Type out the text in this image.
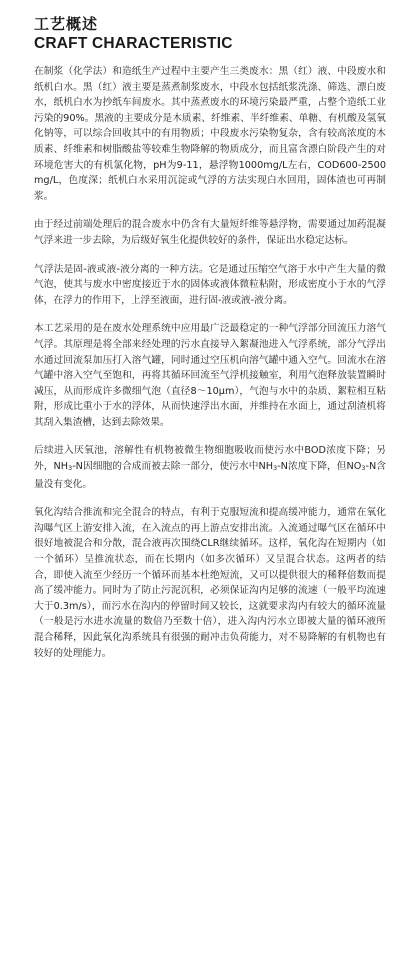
工艺概述
CRAFT CHARACTERISTIC

在制浆（化学法）和造纸生产过程中主要产生三类废水：黑（红）液、中段废水和纸机白水。黑（红）液主要是蒸煮制浆废水，中段水包括纸浆洗涤、筛选、漂白废水，纸机白水为抄纸车间废水。其中蒸煮废水的环境污染最严重，占整个造纸工业污染的90%。黑液的主要成分是木质素、纤维素、半纤维素、单糖、有机酸及氢氧化钠等，可以综合回收其中的有用物质；中段废水污染物复杂，含有较高浓度的木质素、纤维素和树脂酸盐等较难生物降解的物质成分，而且富含漂白阶段产生的对环境危害大的有机氯化物，pH为9-11，悬浮物1000mg/L左右，COD600-2500mg/L，色度深；纸机白水采用沉淀或气浮的方法实现白水回用，固体渣也可再制浆。

由于经过前端处理后的混合废水中仍含有大量短纤维等悬浮物，需要通过加药混凝气浮来进一步去除，为后级好氧生化提供较好的条件，保证出水稳定达标。

气浮法是固-液或液-液分离的一种方法。它是通过压缩空气溶于水中产生大量的微气泡，使其与废水中密度接近于水的固体或液体微粒粘附，形成密度小于水的气浮体，在浮力的作用下，上浮至液面，进行固-液或液-液分离。

本工艺采用的是在废水处理系统中应用最广泛最稳定的一种气浮部分回流压力溶气气浮。其原理是将全部来经处理的污水直接导入絮凝池进入气浮系统，部分气浮出水通过回流泵加压打入溶气罐，同时通过空压机向溶气罐中通入空气。回流水在溶气罐中溶入空气至饱和，再将其循环回流至气浮机接触室，利用气泡释放装置瞬时减压，从而形成许多微细气泡（直径8～10μm），气泡与水中的杂质、絮粒相互粘附，形成比重小于水的浮体，从而快速浮出水面，并维持在水面上，通过刮渣机将其刮入集渣槽，达到去除效果。

后续进入厌氧池，溶解性有机物被微生物细胞吸收而使污水中BOD浓度下降；另外，NH3-N因细胞的合成而被去除一部分，使污水中NH3-N浓度下降，但NO3-N含量没有变化。

氧化沟结合推流和完全混合的特点，有利于克服短流和提高缓冲能力，通常在氧化沟曝气区上游安排入流，在入流点的再上游点安排出流。入流通过曝气区在循环中很好地被混合和分散，混合液再次围绕CLR继续循环。这样，氧化沟在短期内（如一个循环）呈推流状态，而在长期内（如多次循环）又呈混合状态。这两者的结合，即使入流至少经历一个循环而基本杜绝短流，又可以提供很大的稀释倍数而提高了缓冲能力。同时为了防止污泥沉积，必须保证沟内足够的流速（一般平均流速大于0.3m/s），而污水在沟内的停留时间又较长，这就要求沟内有较大的循环流量（一般是污水进水流量的数倍乃至数十倍），进入沟内污水立即被大量的循环液所混合稀释，因此氧化沟系统具有很强的耐冲击负荷能力，对不易降解的有机物也有较好的处理能力。
